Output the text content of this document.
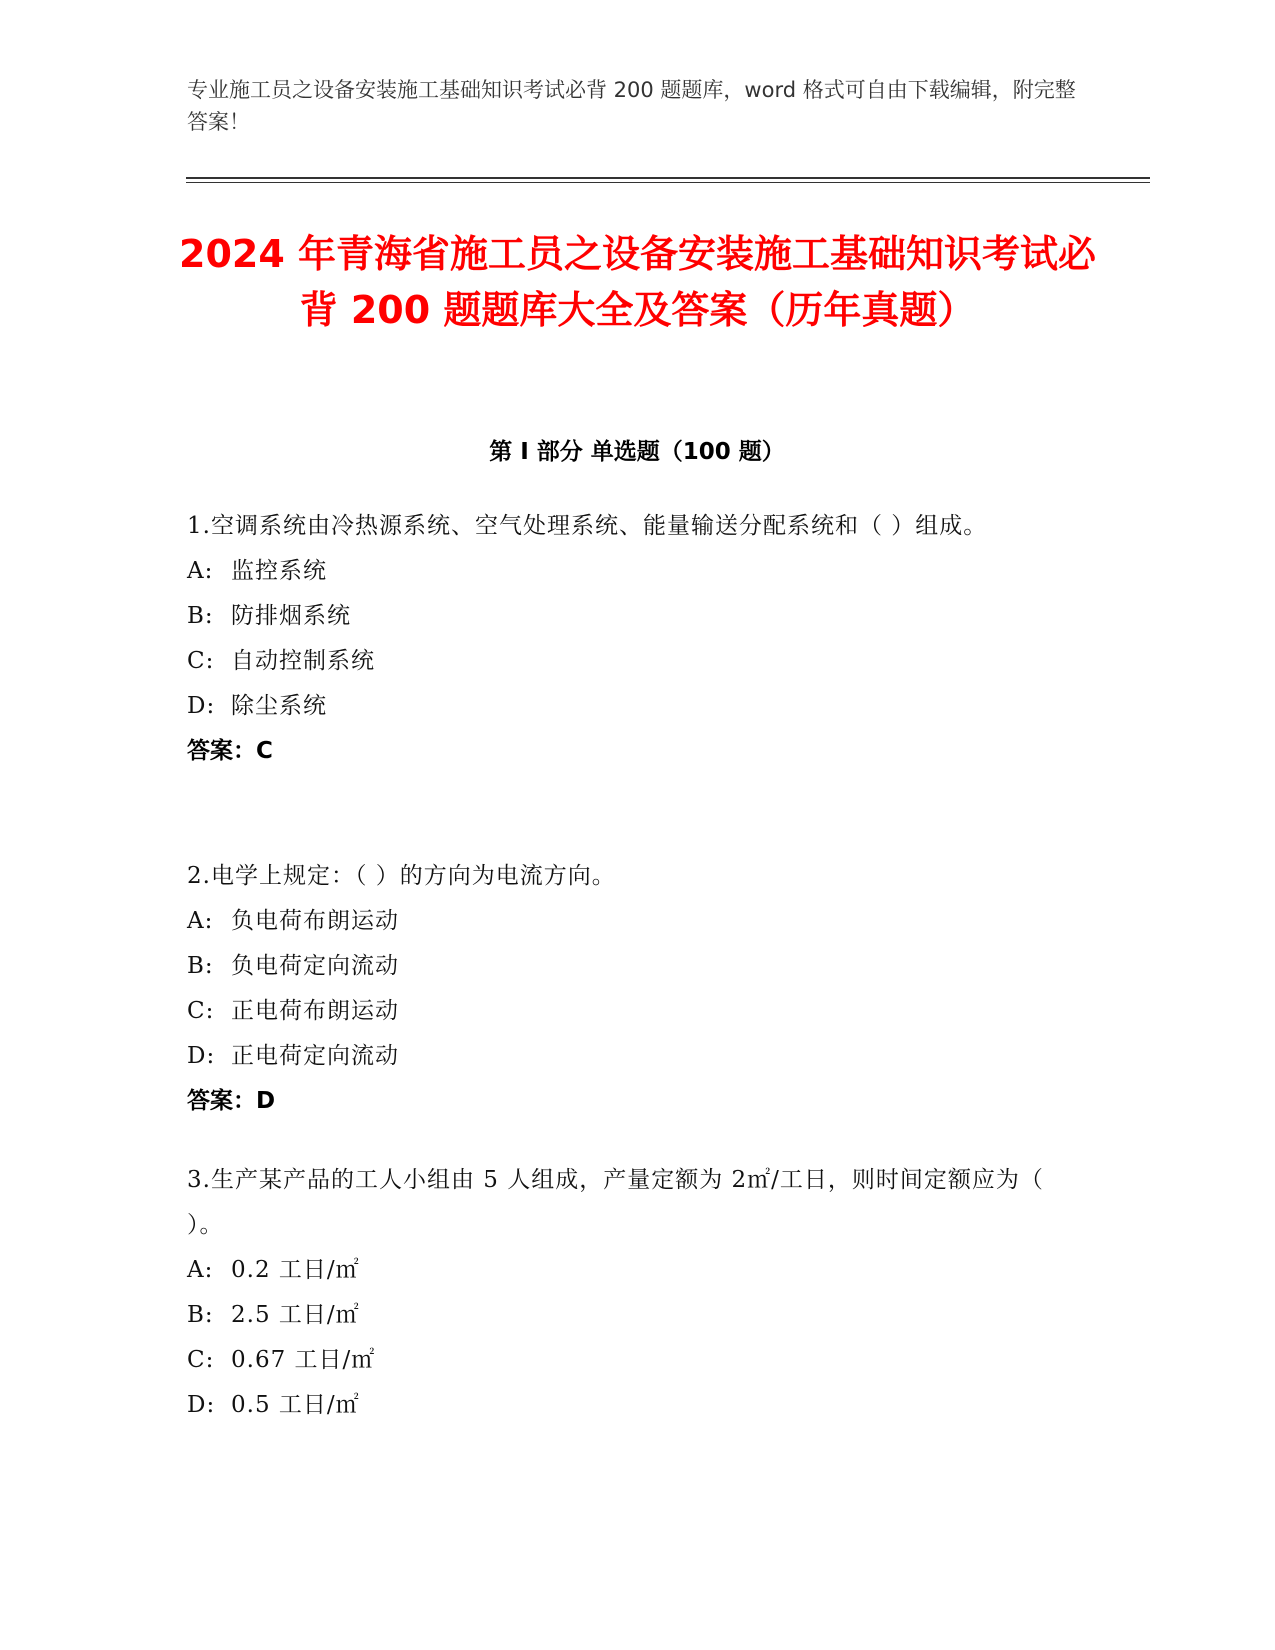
专业施工员之设备安装施工基础知识考试必背 200 题题库，word 格式可自由下载编辑，附完整答案！
2024 年青海省施工员之设备安装施工基础知识考试必背 200 题题库大全及答案（历年真题）
第 I 部分 单选题（100 题）
1.空调系统由冷热源系统、空气处理系统、能量输送分配系统和（ ）组成。
A: 监控系统
B: 防排烟系统
C: 自动控制系统
D: 除尘系统
答案：C
2.电学上规定：（ ）的方向为电流方向。
A: 负电荷布朗运动
B: 负电荷定向流动
C: 正电荷布朗运动
D: 正电荷定向流动
答案：D
3.生产某产品的工人小组由 5 人组成，产量定额为 2㎡/工日，则时间定额应为（ ）。
A: 0.2 工日/㎡
B: 2.5 工日/㎡
C: 0.67 工日/㎡
D: 0.5 工日/㎡
